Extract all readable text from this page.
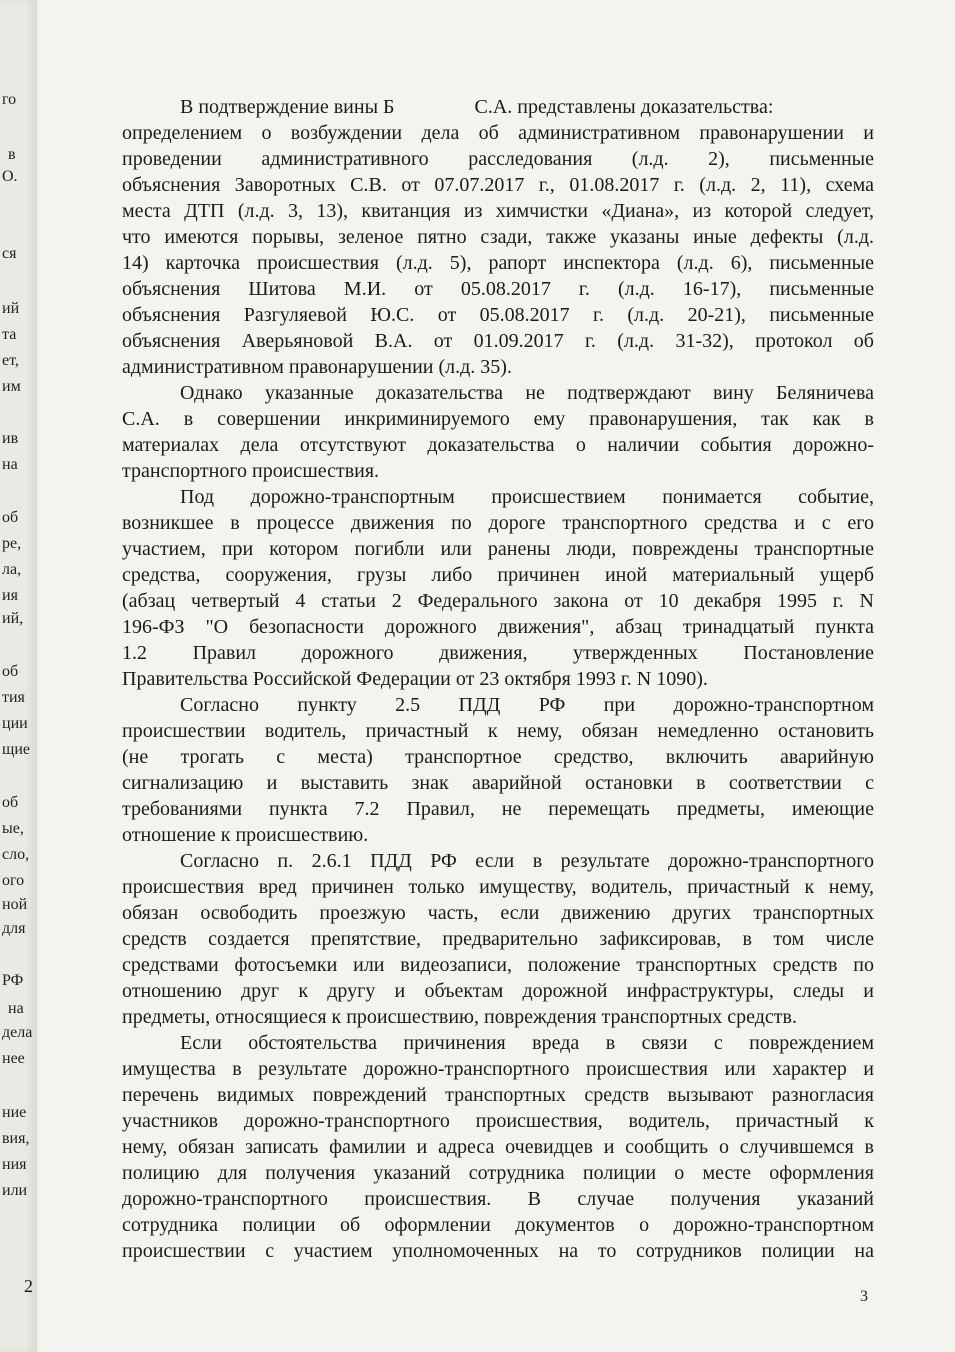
го
в
О.
ся
ий
та
ет,
им
ив
на
об
ре,
ла,
ия
ий,
об
тия
ции
щие
об
ые,
сло,
ого
ной
для
РФ
на
дела
нее
ние
вия,
ния
или
2
В подтверждение вины Б	С.А. представлены доказательства:
определением о возбуждении дела об административном правонарушении и
проведении административного расследования (л.д. 2), письменные
объяснения Заворотных С.В. от 07.07.2017 г., 01.08.2017 г. (л.д. 2, 11), схема
места ДТП (л.д. 3, 13), квитанция из химчистки «Диана», из которой следует,
что имеются порывы, зеленое пятно сзади, также указаны иные дефекты (л.д.
14) карточка происшествия (л.д. 5), рапорт инспектора (л.д. 6), письменные
объяснения Шитова М.И. от 05.08.2017 г. (л.д. 16-17), письменные
объяснения Разгуляевой Ю.С. от 05.08.2017 г. (л.д. 20-21), письменные
объяснения Аверьяновой В.А. от 01.09.2017 г. (л.д. 31-32), протокол об
административном правонарушении (л.д. 35).
Однако указанные доказательства не подтверждают вину Беляничева
С.А. в совершении инкриминируемого ему правонарушения, так как в
материалах дела отсутствуют доказательства о наличии события дорожно-
транспортного происшествия.
Под дорожно-транспортным происшествием понимается событие,
возникшее в процессе движения по дороге транспортного средства и с его
участием, при котором погибли или ранены люди, повреждены транспортные
средства, сооружения, грузы либо причинен иной материальный ущерб
(абзац четвертый 4 статьи 2 Федерального закона от 10 декабря 1995 г. N
196-ФЗ "О безопасности дорожного движения", абзац тринадцатый пункта
1.2 Правил дорожного движения, утвержденных Постановление
Правительства Российской Федерации от 23 октября 1993 г. N 1090).
Согласно пункту 2.5 ПДД РФ при дорожно-транспортном
происшествии водитель, причастный к нему, обязан немедленно остановить
(не трогать с места) транспортное средство, включить аварийную
сигнализацию и выставить знак аварийной остановки в соответствии с
требованиями пункта 7.2 Правил, не перемещать предметы, имеющие
отношение к происшествию.
Согласно п. 2.6.1 ПДД РФ если в результате дорожно-транспортного
происшествия вред причинен только имуществу, водитель, причастный к нему,
обязан освободить проезжую часть, если движению других транспортных
средств создается препятствие, предварительно зафиксировав, в том числе
средствами фотосъемки или видеозаписи, положение транспортных средств по
отношению друг к другу и объектам дорожной инфраструктуры, следы и
предметы, относящиеся к происшествию, повреждения транспортных средств.
Если обстоятельства причинения вреда в связи с повреждением
имущества в результате дорожно-транспортного происшествия или характер и
перечень видимых повреждений транспортных средств вызывают разногласия
участников дорожно-транспортного происшествия, водитель, причастный к
нему, обязан записать фамилии и адреса очевидцев и сообщить о случившемся в
полицию для получения указаний сотрудника полиции о месте оформления
дорожно-транспортного происшествия. В случае получения указаний
сотрудника полиции об оформлении документов о дорожно-транспортном
происшествии с участием уполномоченных на то сотрудников полиции на
3
